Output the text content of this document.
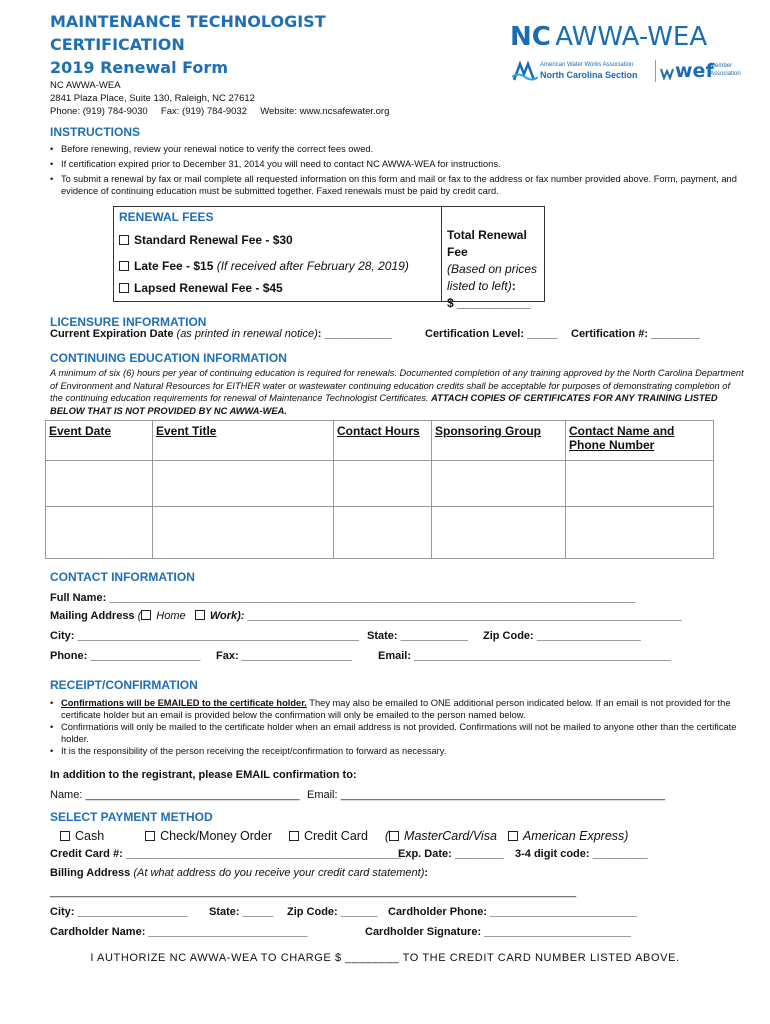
MAINTENANCE TECHNOLOGIST
CERTIFICATION
2019 Renewal Form
NC AWWA-WEA
2841 Plaza Place, Suite 130, Raleigh, NC 27612
Phone: (919) 784-9030     Fax: (919) 784-9032     Website: www.ncsafewater.org
NC AWWA-WEA
American Water Works Association
North Carolina Section wef
Member Association
INSTRUCTIONS
• Before renewing, review your renewal notice to verify the correct fees owed.
• If certification expired prior to December 31, 2014 you will need to contact NC AWWA-WEA for instructions.
• To submit a renewal by fax or mail complete all requested information on this form and mail or fax to the address or fax number provided above. Form, payment, and evidence of continuing education must be submitted together. Faxed renewals must be paid by credit card.
RENEWAL FEES
Standard Renewal Fee - $30
Late Fee - $15 (If received after February 28, 2019)
Lapsed Renewal Fee - $45
Total Renewal Fee
(Based on prices
listed to left):
$ ___________
LICENSURE INFORMATION
Current Expiration Date (as printed in renewal notice): ___________	Certification Level: _____ Certification #: ________
CONTINUING EDUCATION INFORMATION
A minimum of six (6) hours per year of continuing education is required for renewals. Documented completion of any training approved by the North Carolina Department of Environment and Natural Resources for EITHER water or wastewater continuing education credits shall be acceptable for purposes of demonstrating completion of the continuing education requirements for renewal of Maintenance Technologist Certificates. ATTACH COPIES OF CERTIFICATES FOR ANY TRAINING LISTED BELOW THAT IS NOT PROVIDED BY NC AWWA-WEA.
Event Date	Event Title	Contact Hours	Sponsoring Group	Contact Name and Phone Number

CONTACT INFORMATION
Full Name: ______________________________________________________________________________________
Mailing Address ( Home Work): _______________________________________________________________________
City: ______________________________________________ State: ___________ Zip Code: _________________
Phone: __________________ Fax: __________________ Email: __________________________________________
RECEIPT/CONFIRMATION
• Confirmations will be EMAILED to the certificate holder. They may also be emailed to ONE additional person indicated below. If an email is not provided for the certificate holder but an email is provided below the confirmation will only be emailed to the person named below.
• Confirmations will only be mailed to the certificate holder when an email address is not provided. Confirmations will not be mailed to anyone other than the certificate holder.
• It is the responsibility of the person receiving the receipt/confirmation to forward as necessary.
In addition to the registrant, please EMAIL confirmation to:
Name: ___________________________________ Email: _____________________________________________________
SELECT PAYMENT METHOD
Cash	Check/Money Order	Credit Card ( MasterCard/Visa American Express)
Credit Card #: _____________________________________________
Exp. Date: ________ 3-4 digit code: _________
Billing Address (At what address do you receive your credit card statement):
______________________________________________________________________________________
City: __________________ State: _____ Zip Code: ______ Cardholder Phone: ________________________
Cardholder Name: __________________________	Cardholder Signature: ________________________
I AUTHORIZE NC AWWA-WEA TO CHARGE $ ________ TO THE CREDIT CARD NUMBER LISTED ABOVE.
